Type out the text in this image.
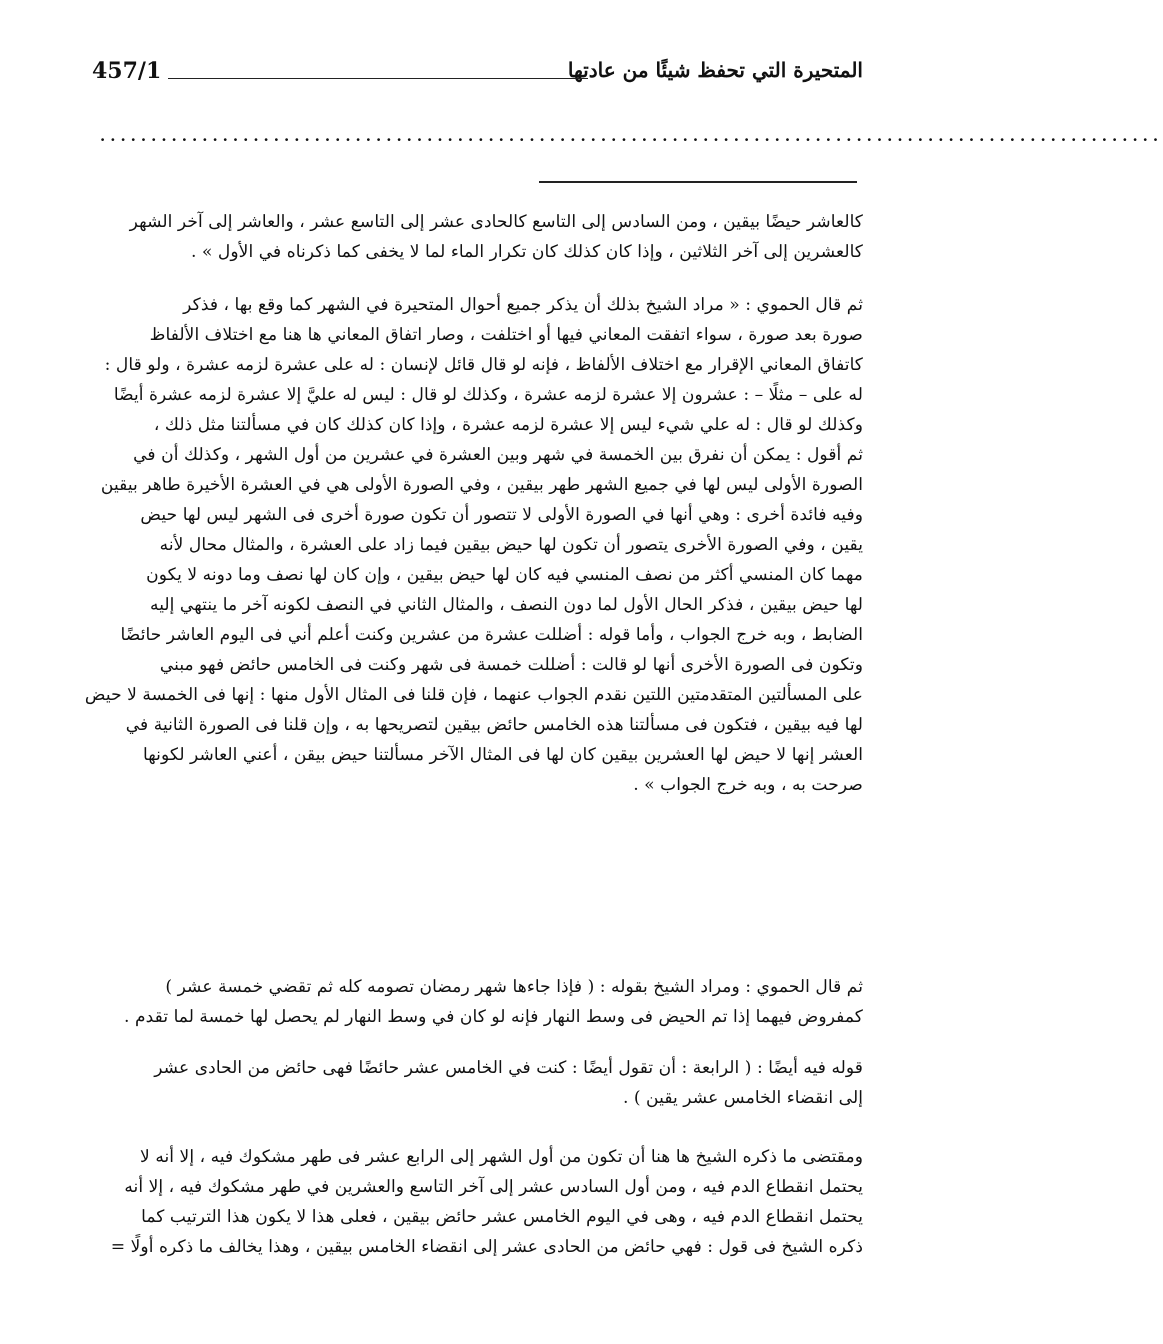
المتحيرة التي تحفظ شيئًا من عادتها
457/1
........................................................................................................
كالعاشر حيضًا بيقين ، ومن السادس إلى التاسع كالحادى عشر إلى التاسع عشر ، والعاشر إلى آخر الشهر
كالعشرين إلى آخر الثلاثين ، وإذا كان كذلك كان تكرار الماء لما لا يخفى كما ذكرناه في الأول » .
ثم قال الحموي : « مراد الشيخ بذلك أن يذكر جميع أحوال المتحيرة في الشهر كما وقع بها ، فذكر
صورة بعد صورة ، سواء اتفقت المعاني فيها أو اختلفت ، وصار اتفاق المعاني ها هنا مع اختلاف الألفاظ
كاتفاق المعاني الإقرار مع اختلاف الألفاظ ، فإنه لو قال قائل لإنسان : له على عشرة لزمه عشرة ، ولو قال :
له على – مثلًا – : عشرون إلا عشرة لزمه عشرة ، وكذلك لو قال : ليس له عليَّ إلا عشرة لزمه عشرة أيضًا
وكذلك لو قال : له علي شيء ليس إلا عشرة لزمه عشرة ، وإذا كان كذلك كان في مسألتنا مثل ذلك ،
ثم أقول : يمكن أن نفرق بين الخمسة في شهر وبين العشرة في عشرين من أول الشهر ، وكذلك أن في
الصورة الأولى ليس لها في جميع الشهر طهر بيقين ، وفي الصورة الأولى هي في العشرة الأخيرة طاهر بيقين
وفيه فائدة أخرى : وهي أنها في الصورة الأولى لا تتصور أن تكون صورة أخرى فى الشهر ليس لها حيض
يقين ، وفي الصورة الأخرى يتصور أن تكون لها حيض بيقين فيما زاد على العشرة ، والمثال محال لأنه
مهما كان المنسي أكثر من نصف المنسي فيه كان لها حيض بيقين ، وإن كان لها نصف وما دونه لا يكون
لها حيض بيقين ، فذكر الحال الأول لما دون النصف ، والمثال الثاني في النصف لكونه آخر ما ينتهي إليه
الضابط ، وبه خرج الجواب ، وأما قوله : أضللت عشرة من عشرين وكنت أعلم أني فى اليوم العاشر حائضًا
وتكون فى الصورة الأخرى أنها لو قالت : أضللت خمسة فى شهر وكنت فى الخامس حائض فهو مبني
على المسألتين المتقدمتين اللتين نقدم الجواب عنهما ، فإن قلنا فى المثال الأول منها : إنها فى الخمسة لا حيض
لها فيه بيقين ، فتكون فى مسألتنا هذه الخامس حائض بيقين لتصريحها به ، وإن قلنا فى الصورة الثانية في
العشر إنها لا حيض لها العشرين بيقين كان لها فى المثال الآخر مسألتنا حيض بيقن ، أعني العاشر لكونها
صرحت به ، وبه خرج الجواب » .
ثم قال الحموي : ومراد الشيخ بقوله : ( فإذا جاءها شهر رمضان تصومه كله ثم تقضي خمسة عشر )
كمفروض فيهما إذا تم الحيض فى وسط النهار فإنه لو كان في وسط النهار لم يحصل لها خمسة لما تقدم .
قوله فيه أيضًا : ( الرابعة : أن تقول أيضًا : كنت في الخامس عشر حائضًا فهى حائض من الحادى عشر
إلى انقضاء الخامس عشر يقين ) .
ومقتضى ما ذكره الشيخ ها هنا أن تكون من أول الشهر إلى الرابع عشر فى طهر مشكوك فيه ، إلا أنه لا
يحتمل انقطاع الدم فيه ، ومن أول السادس عشر إلى آخر التاسع والعشرين في طهر مشكوك فيه ، إلا أنه
يحتمل انقطاع الدم فيه ، وهى في اليوم الخامس عشر حائض بيقين ، فعلى هذا لا يكون هذا الترتيب كما
ذكره الشيخ فى قول : فهي حائض من الحادى عشر إلى انقضاء الخامس بيقين ، وهذا يخالف ما ذكره أولًا =
